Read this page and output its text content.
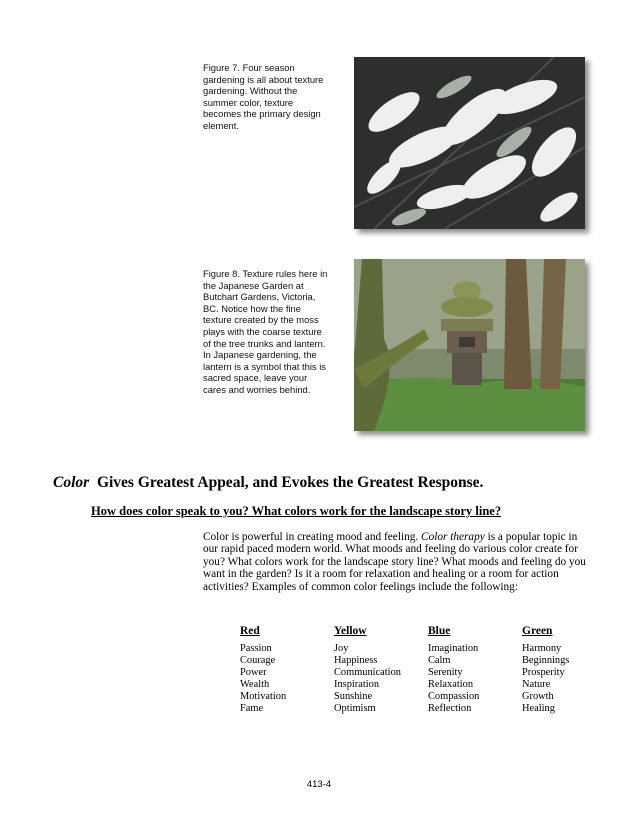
Figure 7. Four season gardening is all about texture gardening. Without the summer color, texture becomes the primary design element.
Figure 8. Texture rules here in the Japanese Garden at Butchart Gardens, Victoria, BC. Notice how the fine texture created by the moss plays with the coarse texture of the tree trunks and lantern. In Japanese gardening, the lantern is a symbol that this is sacred space, leave your cares and worries behind.
Color  Gives Greatest Appeal, and Evokes the Greatest Response.
How does color speak to you? What colors work for the landscape story line?

Color is powerful in creating mood and feeling. Color therapy is a popular topic in our rapid paced modern world. What moods and feeling do various color create for you? What colors work for the landscape story line? What moods and feeling do you want in the garden? Is it a room for relaxation and healing or a room for action activities? Examples of common color feelings include the following:

Red
Passion
Courage
Power
Wealth
Motivation
Fame
Yellow
Joy
Happiness
Communication
Inspiration
Sunshine
Optimism
Blue
Imagination
Calm
Serenity
Relaxation
Compassion
Reflection
Green
Harmony
Beginnings
Prosperity
Nature
Growth
Healing
413-4
